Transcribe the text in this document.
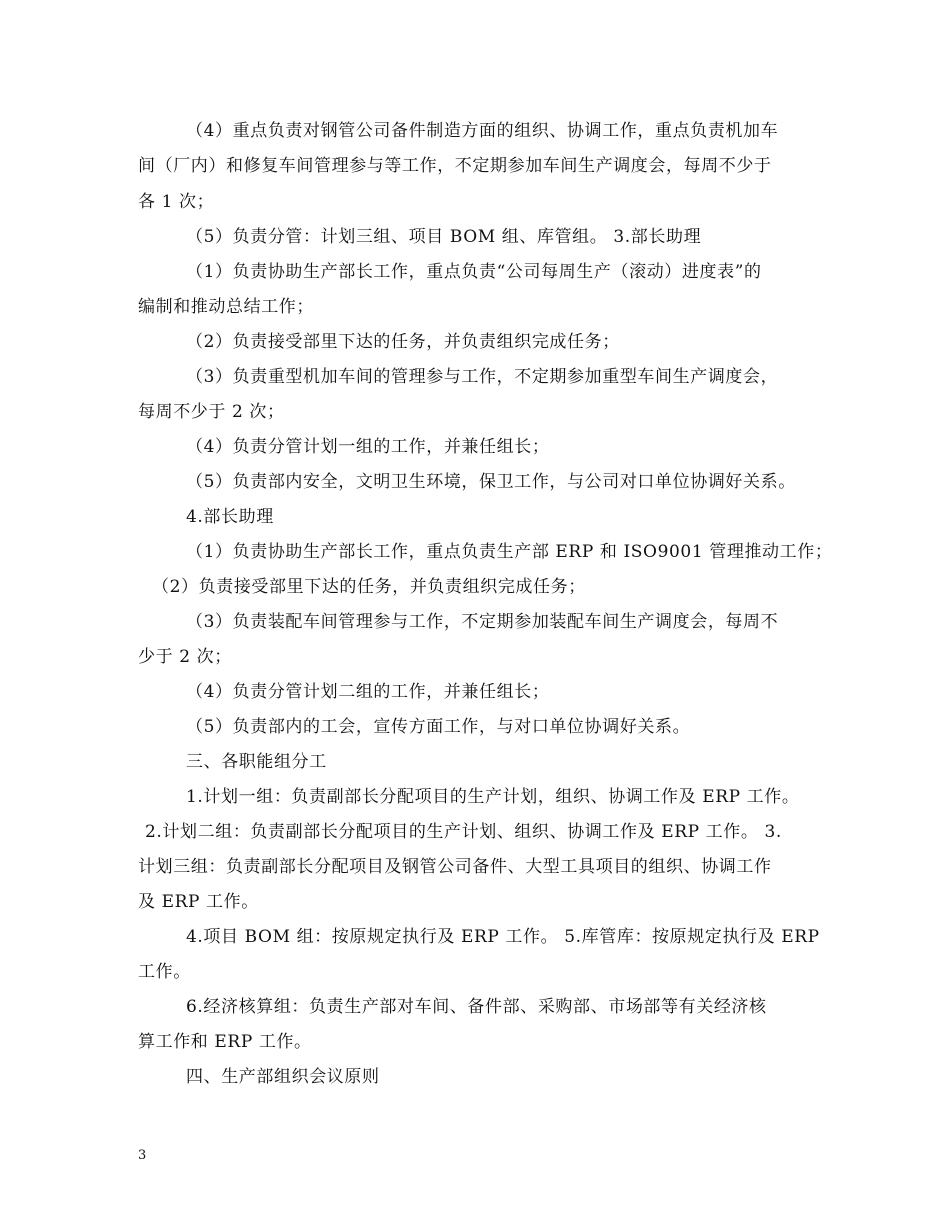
（4）重点负责对钢管公司备件制造方面的组织、协调工作，重点负责机加车
间（厂内）和修复车间管理参与等工作，不定期参加车间生产调度会，每周不少于
各 1 次；
（5）负责分管：计划三组、项目 BOM 组、库管组。 3.部长助理
（1）负责协助生产部长工作，重点负责“公司每周生产（滚动）进度表”的
编制和推动总结工作；
（2）负责接受部里下达的任务，并负责组织完成任务；
（3）负责重型机加车间的管理参与工作，不定期参加重型车间生产调度会，
每周不少于 2 次；
（4）负责分管计划一组的工作，并兼任组长；
（5）负责部内安全，文明卫生环境，保卫工作，与公司对口单位协调好关系。
4.部长助理
（1）负责协助生产部长工作，重点负责生产部 ERP 和 ISO9001 管理推动工作；
（2）负责接受部里下达的任务，并负责组织完成任务；
（3）负责装配车间管理参与工作，不定期参加装配车间生产调度会，每周不
少于 2 次；
（4）负责分管计划二组的工作，并兼任组长；
（5）负责部内的工会，宣传方面工作，与对口单位协调好关系。
三、各职能组分工
1.计划一组：负责副部长分配项目的生产计划，组织、协调工作及 ERP 工作。
2.计划二组：负责副部长分配项目的生产计划、组织、协调工作及 ERP 工作。 3.
计划三组：负责副部长分配项目及钢管公司备件、大型工具项目的组织、协调工作
及 ERP 工作。
4.项目 BOM 组：按原规定执行及 ERP 工作。 5.库管库：按原规定执行及 ERP
工作。
6.经济核算组：负责生产部对车间、备件部、采购部、市场部等有关经济核
算工作和 ERP 工作。
四、生产部组织会议原则
3
